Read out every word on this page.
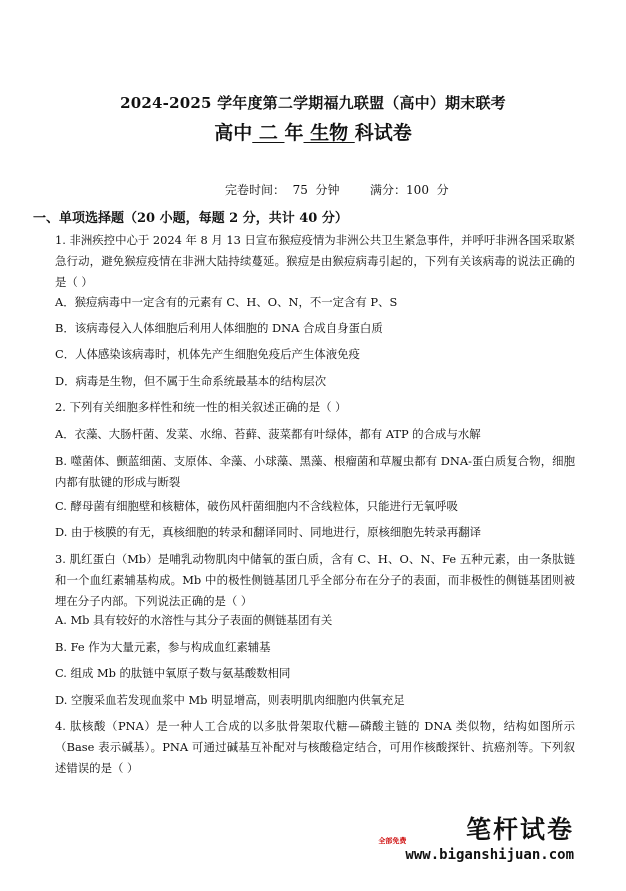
2024-2025 学年度第二学期福九联盟（高中）期末联考
高中 二 年 生物 科试卷
完卷时间：  75  分钟        满分：100  分
一、单项选择题（20 小题，每题 2 分，共计 40 分）
1. 非洲疾控中心于 2024 年 8 月 13 日宣布猴痘疫情为非洲公共卫生紧急事件，并呼吁非洲各国采取紧急行动，避免猴痘疫情在非洲大陆持续蔓延。猴痘是由猴痘病毒引起的，下列有关该病毒的说法正确的是（ ）
A．猴痘病毒中一定含有的元素有 C、H、O、N，不一定含有 P、S
B．该病毒侵入人体细胞后利用人体细胞的 DNA 合成自身蛋白质
C．人体感染该病毒时，机体先产生细胞免疫后产生体液免疫
D．病毒是生物，但不属于生命系统最基本的结构层次
2. 下列有关细胞多样性和统一性的相关叙述正确的是（ ）
A．衣藻、大肠杆菌、发菜、水绵、苔藓、菠菜都有叶绿体，都有 ATP 的合成与水解
B. 噬菌体、颤蓝细菌、支原体、伞藻、小球藻、黑藻、根瘤菌和草履虫都有 DNA-蛋白质复合物，细胞内都有肽键的形成与断裂
C. 酵母菌有细胞壁和核糖体，破伤风杆菌细胞内不含线粒体，只能进行无氧呼吸
D. 由于核膜的有无，真核细胞的转录和翻译同时、同地进行，原核细胞先转录再翻译
3. 肌红蛋白（Mb）是哺乳动物肌肉中储氧的蛋白质，含有 C、H、O、N、Fe 五种元素，由一条肽链和一个血红素辅基构成。Mb 中的极性侧链基团几乎全部分布在分子的表面，而非极性的侧链基团则被埋在分子内部。下列说法正确的是（ ）
A. Mb 具有较好的水溶性与其分子表面的侧链基团有关
B. Fe 作为大量元素，参与构成血红素辅基
C. 组成 Mb 的肽链中氧原子数与氨基酸数相同
D. 空腹采血若发现血浆中 Mb 明显增高，则表明肌肉细胞内供氧充足
4. 肽核酸（PNA）是一种人工合成的以多肽骨架取代糖—磷酸主链的 DNA 类似物，结构如图所示（Base 表示碱基）。PNA 可通过碱基互补配对与核酸稳定结合，可用作核酸探针、抗癌剂等。下列叙述错误的是（ ）
全部免费	笔杆试卷
www.biganshijuan.com
